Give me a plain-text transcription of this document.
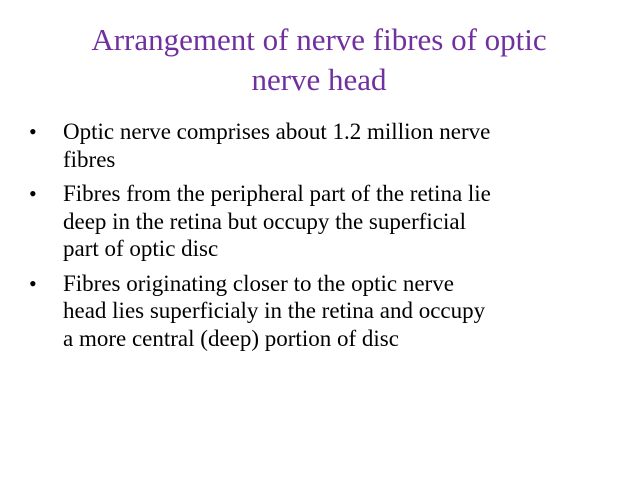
Arrangement of nerve fibres of optic
nerve head
• Optic nerve comprises about 1.2 million nerve
fibres
• Fibres from the peripheral part of the retina lie
deep in the retina but occupy the superficial
part of optic disc
• Fibres originating closer to the optic nerve
head lies superficialy in the retina and occupy
a more central (deep) portion of disc
